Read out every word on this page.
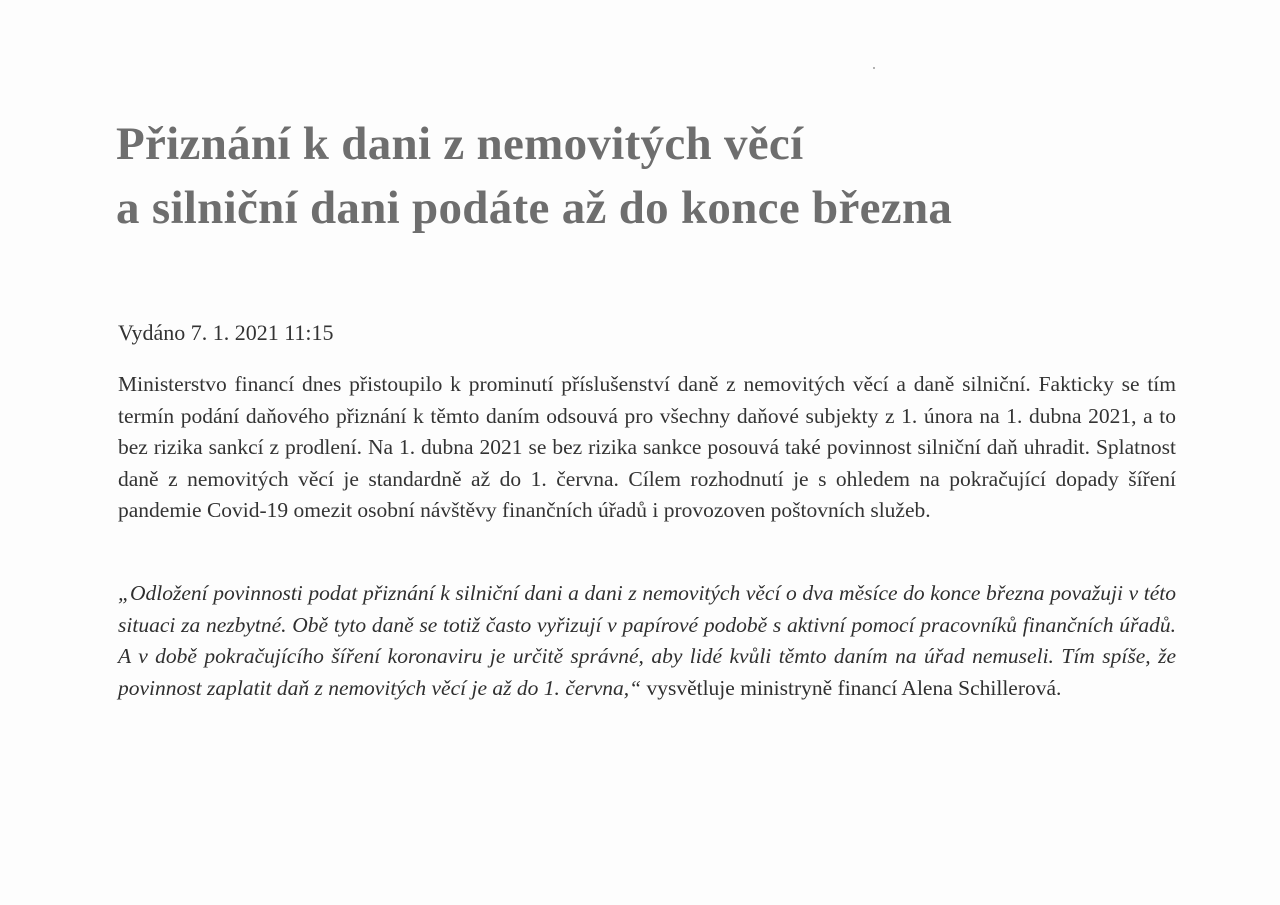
Přiznání k dani z nemovitých věcí
a silniční dani podáte až do konce března

Vydáno 7. 1. 2021 11:15

Ministerstvo financí dnes přistoupilo k prominutí příslušenství daně z nemovitých věcí a daně silniční. Fakticky se tím termín podání daňového přiznání k těmto daním odsouvá pro všechny daňové subjekty z 1. února na 1. dubna 2021, a to bez rizika sankcí z prodlení. Na 1. dubna 2021 se bez rizika sankce posouvá také povinnost silniční daň uhradit. Splatnost daně z nemovitých věcí je standardně až do 1. června. Cílem rozhodnutí je s ohledem na pokračující dopady šíření pandemie Covid-19 omezit osobní návštěvy finančních úřadů i provozoven poštovních služeb.

„Odložení povinnosti podat přiznání k silniční dani a dani z nemovitých věcí o dva měsíce do konce března považuji v této situaci za nezbytné. Obě tyto daně se totiž často vyřizují v papírové podobě s aktivní pomocí pracovníků finančních úřadů. A v době pokračujícího šíření koronaviru je určitě správné, aby lidé kvůli těmto daním na úřad nemuseli. Tím spíše, že povinnost zaplatit daň z nemovitých věcí je až do 1. června,“ vysvětluje ministryně financí Alena Schillerová.
